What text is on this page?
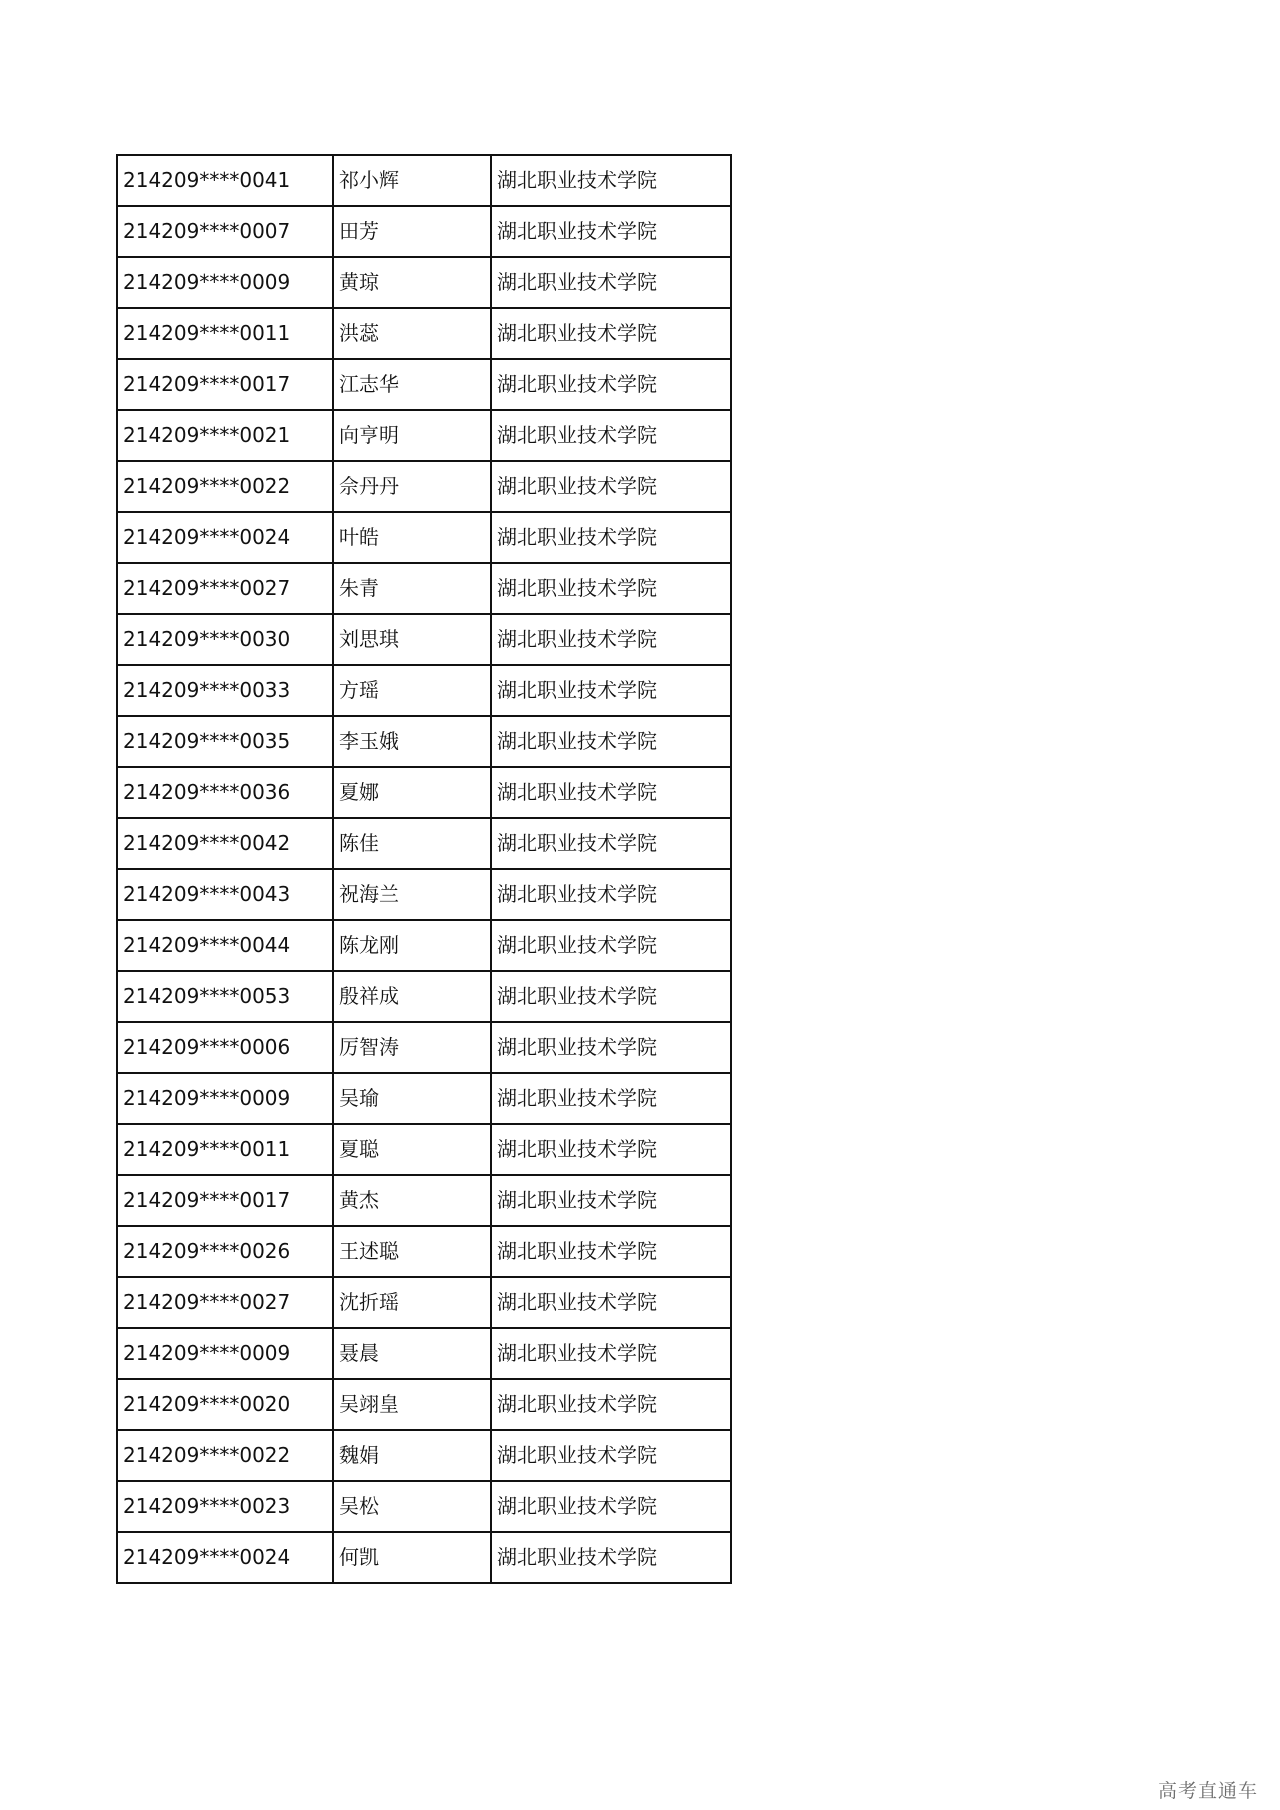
214209****0041	祁小辉	湖北职业技术学院
214209****0007	田芳	湖北职业技术学院
214209****0009	黄琼	湖北职业技术学院
214209****0011	洪蕊	湖北职业技术学院
214209****0017	江志华	湖北职业技术学院
214209****0021	向亨明	湖北职业技术学院
214209****0022	佘丹丹	湖北职业技术学院
214209****0024	叶皓	湖北职业技术学院
214209****0027	朱青	湖北职业技术学院
214209****0030	刘思琪	湖北职业技术学院
214209****0033	方瑶	湖北职业技术学院
214209****0035	李玉娥	湖北职业技术学院
214209****0036	夏娜	湖北职业技术学院
214209****0042	陈佳	湖北职业技术学院
214209****0043	祝海兰	湖北职业技术学院
214209****0044	陈龙刚	湖北职业技术学院
214209****0053	殷祥成	湖北职业技术学院
214209****0006	厉智涛	湖北职业技术学院
214209****0009	吴瑜	湖北职业技术学院
214209****0011	夏聪	湖北职业技术学院
214209****0017	黄杰	湖北职业技术学院
214209****0026	王述聪	湖北职业技术学院
214209****0027	沈折瑶	湖北职业技术学院
214209****0009	聂晨	湖北职业技术学院
214209****0020	吴翊皇	湖北职业技术学院
214209****0022	魏娟	湖北职业技术学院
214209****0023	吴松	湖北职业技术学院
214209****0024	何凯	湖北职业技术学院
高考直通车
